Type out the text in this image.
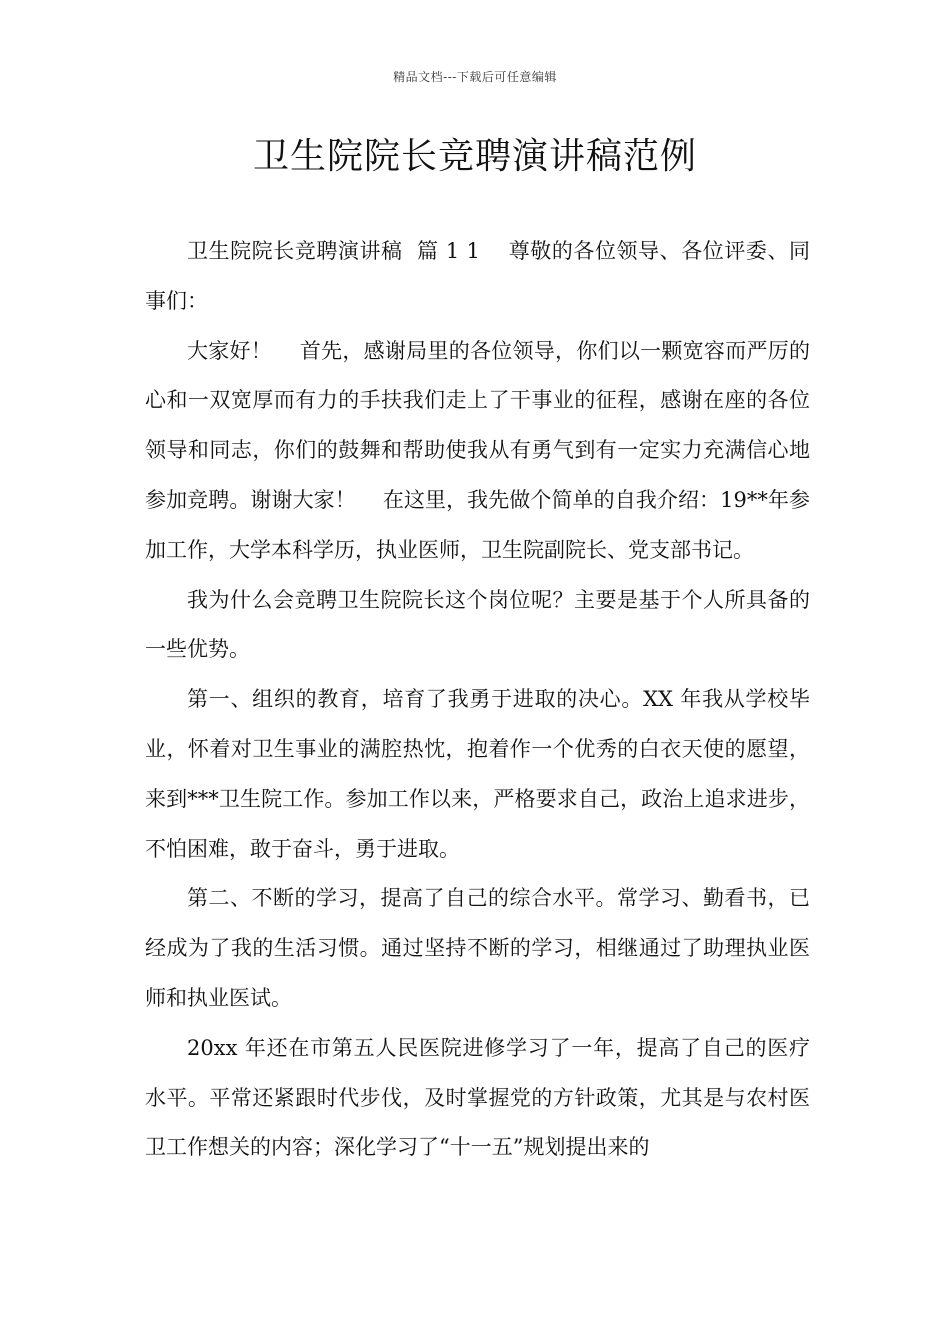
精品文档---下载后可任意编辑
卫生院院长竞聘演讲稿范例

卫生院院长竞聘演讲稿  篇 1 1    尊敬的各位领导、各位评委、同事们：

大家好！    首先，感谢局里的各位领导，你们以一颗宽容而严厉的心和一双宽厚而有力的手扶我们走上了干事业的征程，感谢在座的各位领导和同志，你们的鼓舞和帮助使我从有勇气到有一定实力充满信心地参加竞聘。谢谢大家！    在这里，我先做个简单的自我介绍：19**年参加工作，大学本科学历，执业医师，卫生院副院长、党支部书记。

我为什么会竞聘卫生院院长这个岗位呢？主要是基于个人所具备的一些优势。

第一、组织的教育，培育了我勇于进取的决心。XX 年我从学校毕业，怀着对卫生事业的满腔热忱，抱着作一个优秀的白衣天使的愿望，来到***卫生院工作。参加工作以来，严格要求自己，政治上追求进步，不怕困难，敢于奋斗，勇于进取。

第二、不断的学习，提高了自己的综合水平。常学习、勤看书，已经成为了我的生活习惯。通过坚持不断的学习，相继通过了助理执业医师和执业医试。

20xx 年还在市第五人民医院进修学习了一年，提高了自己的医疗水平。平常还紧跟时代步伐，及时掌握党的方针政策，尤其是与农村医卫工作想关的内容；深化学习了“十一五”规划提出来的
